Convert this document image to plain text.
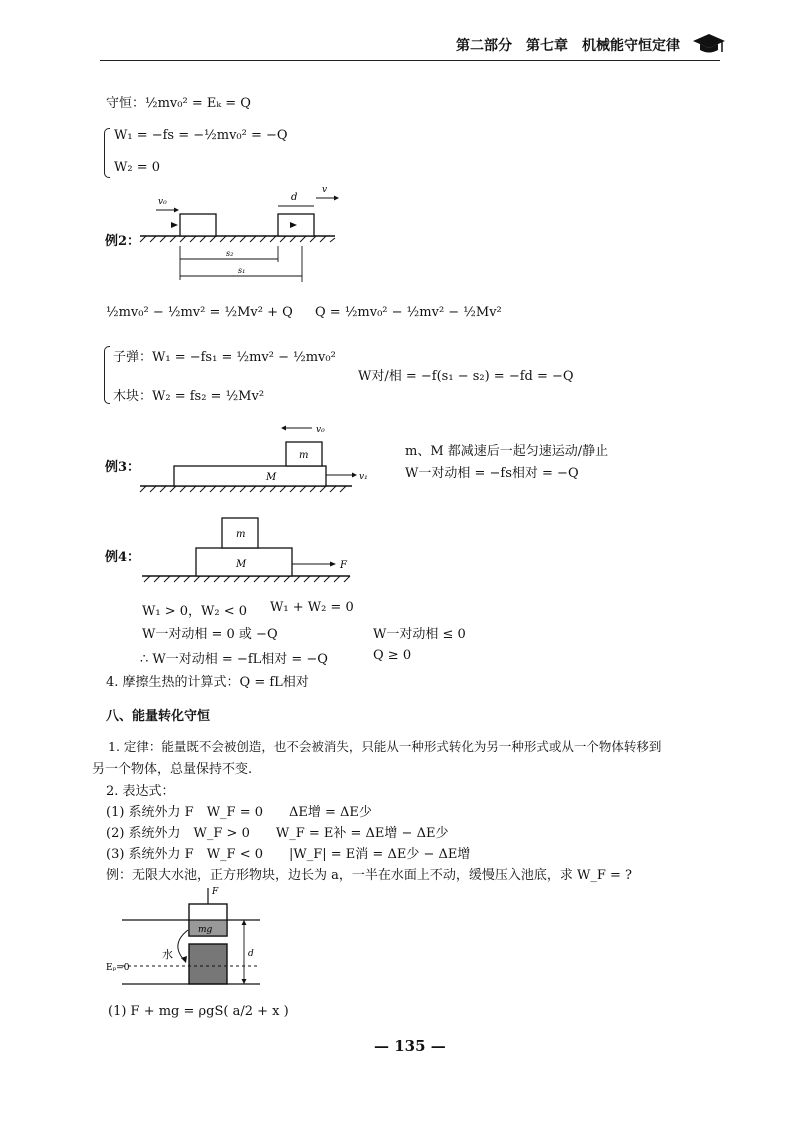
第二部分　第七章　机械能守恒定律
守恒：½mv₀² = Eₖ = Q
W₁ = −fs = −½mv₀² = −Q
W₂ = 0
例2：
v₀	d
v
s₂
s₁
½mv₀² − ½mv² = ½Mv² + Q Q = ½mv₀² − ½mv² − ½Mv²
子弹：W₁ = −fs₁ = ½mv² − ½mv₀²
木块：W₂ = fs₂ = ½Mv²
W对/相 = −f(s₁ − s₂) = −fd = −Q
例3：
m
M
v₀
v₁
m、M 都减速后一起匀速运动/静止
W一对动相 = −fs相对 = −Q
例4：
m
M	F
W₁ > 0，W₂ < 0 W₁ + W₂ = 0
W一对动相 = 0 或 −Q	W一对动相 ≤ 0
∴ W一对动相 = −fL相对 = −Q	Q ≥ 0
4. 摩擦生热的计算式：Q = fL相对
八、能量转化守恒
1. 定律：能量既不会被创造，也不会被消失，只能从一种形式转化为另一种形式或从一个物体转移到
另一个物体，总量保持不变.
2. 表达式：
(1) 系统外力 F　W_F = 0　　ΔE增 = ΔE少
(2) 系统外力　W_F > 0　　W_F = E补 = ΔE增 − ΔE少
(3) 系统外力 F　W_F < 0　　|W_F| = E消 = ΔE少 − ΔE增
例：无限大水池，正方形物块，边长为 a，一半在水面上不动，缓慢压入池底，求 W_F = ?
F
mg
水	d
Eₚ=0
(1) F + mg = ρgS( a/2 + x )
— 135 —
